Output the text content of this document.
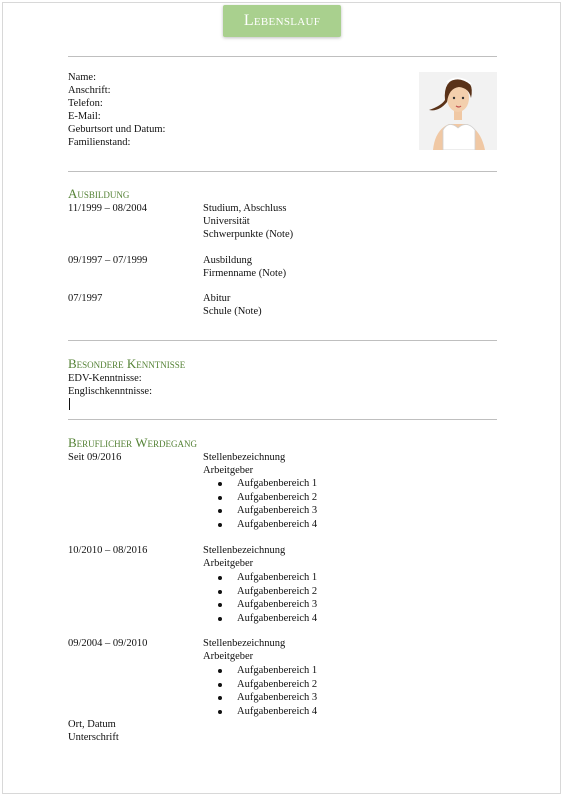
Lebenslauf
Name:
Anschrift:
Telefon:
E-Mail:
Geburtsort und Datum:
Familienstand:
Ausbildung
11/1999 – 08/2004	Studium, Abschluss
Universität
Schwerpunkte (Note)
09/1997 – 07/1999	Ausbildung
Firmenname (Note)
07/1997	Abitur
Schule (Note)
Besondere Kenntnisse
EDV-Kenntnisse:
Englischkenntnisse:
Beruflicher Werdegang
Seit 09/2016	Stellenbezeichnung
Arbeitgeber
Aufgabenbereich 1
Aufgabenbereich 2
Aufgabenbereich 3
Aufgabenbereich 4
10/2010 – 08/2016	Stellenbezeichnung
Arbeitgeber
Aufgabenbereich 1
Aufgabenbereich 2
Aufgabenbereich 3
Aufgabenbereich 4
09/2004 – 09/2010	Stellenbezeichnung
Arbeitgeber
Aufgabenbereich 1
Aufgabenbereich 2
Aufgabenbereich 3
Aufgabenbereich 4
Ort, Datum
Unterschrift
